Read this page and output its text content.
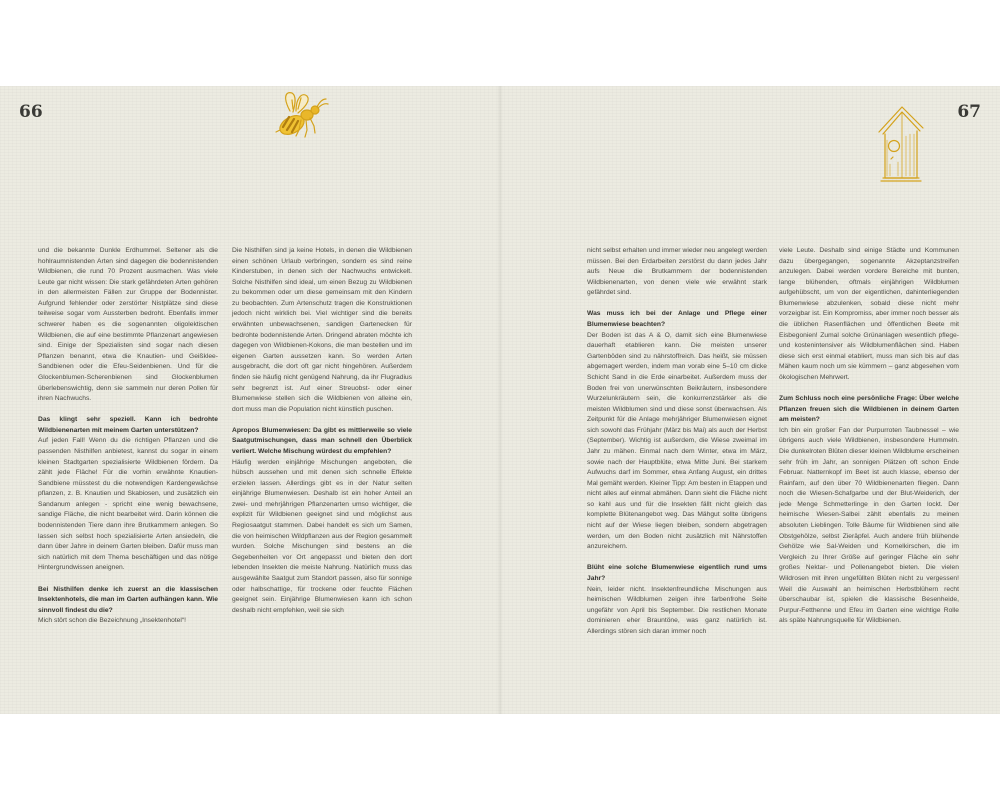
66	67

und die bekannte Dunkle Erdhummel. Seltener als die hohlraumnistenden Arten sind dagegen die bodennistenden Wildbienen, die rund 70 Prozent ausmachen. Was viele Leute gar nicht wissen: Die stark gefährdeten Arten gehören in den allermeisten Fällen zur Gruppe der Bodennister. Aufgrund fehlender oder zerstörter Nistplätze sind diese teilweise sogar vom Aussterben bedroht. Ebenfalls immer schwerer haben es die sogenannten oligolektischen Wildbienen, die auf eine bestimmte Pflanzenart angewiesen sind. Einige der Spezialisten sind sogar nach diesen Pflanzen benannt, etwa die Knautien- und Geißklee-Sandbienen oder die Efeu-Seidenbienen. Und für die Glockenblumen-Scherenbienen sind Glockenblumen überlebenswichtig, denn sie sammeln nur deren Pollen für ihren Nachwuchs.

Das klingt sehr speziell. Kann ich bedrohte Wildbienenarten mit meinem Garten unterstützen?

Auf jeden Fall! Wenn du die richtigen Pflanzen und die passenden Nisthilfen anbietest, kannst du sogar in einem kleinen Stadtgarten spezialisierte Wildbienen fördern. Da zählt jede Fläche! Für die vorhin erwähnte Knautien-Sandbiene müsstest du die notwendigen Kardengewächse pflanzen, z. B. Knautien und Skabiosen, und zusätzlich ein Sandanum anlegen - spricht eine wenig bewachsene, sandige Fläche, die nicht bearbeitet wird. Darin können die bodennistenden Tiere dann ihre Brutkammern anlegen. So lassen sich selbst hoch spezialisierte Arten ansiedeln, die dann über Jahre in deinem Garten bleiben. Dafür muss man sich natürlich mit dem Thema beschäftigen und das nötige Hintergrundwissen aneignen.

Bei Nisthilfen denke ich zuerst an die klassischen Insektenhotels, die man im Garten aufhängen kann. Wie sinnvoll findest du die?

Mich stört schon die Bezeichnung „Insektenhotel“!

Die Nisthilfen sind ja keine Hotels, in denen die Wildbienen einen schönen Urlaub verbringen, sondern es sind reine Kinderstuben, in denen sich der Nachwuchs entwickelt. Solche Nisthilfen sind ideal, um einen Bezug zu Wildbienen zu bekommen oder um diese gemeinsam mit den Kindern zu beobachten. Zum Artenschutz tragen die Konstruktionen jedoch nicht wirklich bei. Viel wichtiger sind die bereits erwähnten unbewachsenen, sandigen Gartenecken für bedrohte bodennistende Arten. Dringend abraten möchte ich dagegen von Wildbienen-Kokons, die man bestellen und im eigenen Garten aussetzen kann. So werden Arten ausgebracht, die dort oft gar nicht hingehören. Außerdem finden sie häufig nicht genügend Nahrung, da ihr Flugradius sehr begrenzt ist. Auf einer Streuobst- oder einer Blumenwiese stellen sich die Wildbienen von alleine ein, dort muss man die Population nicht künstlich puschen.

Apropos Blumenwiesen: Da gibt es mittlerweile so viele Saatgutmischungen, dass man schnell den Überblick verliert. Welche Mischung würdest du empfehlen?

Häufig werden einjährige Mischungen angeboten, die hübsch aussehen und mit denen sich schnelle Effekte erzielen lassen. Allerdings gibt es in der Natur selten einjährige Blumenwiesen. Deshalb ist ein hoher Anteil an zwei- und mehrjährigen Pflanzenarten umso wichtiger, die explizit für Wildbienen geeignet sind und möglichst aus Regiosaatgut stammen. Dabei handelt es sich um Samen, die von heimischen Wildpflanzen aus der Region gesammelt wurden. Solche Mischungen sind bestens an die Gegebenheiten vor Ort angepasst und bieten den dort lebenden Insekten die meiste Nahrung. Natürlich muss das ausgewählte Saatgut zum Standort passen, also für sonnige oder halbschattige, für trockene oder feuchte Flächen geeignet sein. Einjährige Blumenwiesen kann ich schon deshalb nicht empfehlen, weil sie sich

nicht selbst erhalten und immer wieder neu angelegt werden müssen. Bei den Erdarbeiten zerstörst du dann jedes Jahr aufs Neue die Brutkammern der bodennistenden Wildbienenarten, von denen viele wie erwähnt stark gefährdet sind.

Was muss ich bei der Anlage und Pflege einer Blumenwiese beachten?

Der Boden ist das A & O, damit sich eine Blumenwiese dauerhaft etablieren kann. Die meisten unserer Gartenböden sind zu nährstoffreich. Das heißt, sie müssen abgemagert werden, indem man vorab eine 5–10 cm dicke Schicht Sand in die Erde einarbeitet. Außerdem muss der Boden frei von unerwünschten Beikräutern, insbesondere Wurzelunkräutern sein, die konkurrenzstärker als die meisten Wildblumen sind und diese sonst überwachsen. Als Zeitpunkt für die Anlage mehrjähriger Blumenwiesen eignet sich sowohl das Frühjahr (März bis Mai) als auch der Herbst (September). Wichtig ist außerdem, die Wiese zweimal im Jahr zu mähen. Einmal nach dem Winter, etwa im März, sowie nach der Hauptblüte, etwa Mitte Juni. Bei starkem Aufwuchs darf im Sommer, etwa Anfang August, ein drittes Mal gemäht werden. Kleiner Tipp: Am besten in Etappen und nicht alles auf einmal abmähen. Dann sieht die Fläche nicht so kahl aus und für die Insekten fällt nicht gleich das komplette Blütenangebot weg. Das Mähgut sollte übrigens nicht auf der Wiese liegen bleiben, sondern abgetragen werden, um den Boden nicht zusätzlich mit Nährstoffen anzureichern.

Blüht eine solche Blumenwiese eigentlich rund ums Jahr?

Nein, leider nicht. Insektenfreundliche Mischungen aus heimischen Wildblumen zeigen ihre farbenfrohe Seite ungefähr von April bis September. Die restlichen Monate dominieren eher Brauntöne, was ganz natürlich ist. Allerdings stören sich daran immer noch

viele Leute. Deshalb sind einige Städte und Kommunen dazu übergegangen, sogenannte Akzeptanzstreifen anzulegen. Dabei werden vordere Bereiche mit bunten, lange blühenden, oftmals einjährigen Wildblumen aufgehübscht, um von der eigentlichen, dahinterliegenden Blumenwiese abzulenken, sobald diese nicht mehr vorzeigbar ist. Ein Kompromiss, aber immer noch besser als die üblichen Rasenflächen und öffentlichen Beete mit Eisbegonien! Zumal solche Grünanlagen wesentlich pflege- und kostenintensiver als Wildblumenflächen sind. Haben diese sich erst einmal etabliert, muss man sich bis auf das Mähen kaum noch um sie kümmern – ganz abgesehen vom ökologischen Mehrwert.

Zum Schluss noch eine persönliche Frage: Über welche Pflanzen freuen sich die Wildbienen in deinem Garten am meisten?

Ich bin ein großer Fan der Purpurroten Taubnessel – wie übrigens auch viele Wildbienen, insbesondere Hummeln. Die dunkelroten Blüten dieser kleinen Wildblume erscheinen sehr früh im Jahr, an sonnigen Plätzen oft schon Ende Februar. Natternkopf im Beet ist auch klasse, ebenso der Rainfarn, auf den über 70 Wildbienenarten fliegen. Dann noch die Wiesen-Schafgarbe und der Blut-Weiderich, der jede Menge Schmetterlinge in den Garten lockt. Der heimische Wiesen-Salbei zählt ebenfalls zu meinen absoluten Lieblingen. Tolle Bäume für Wildbienen sind alle Obstgehölze, selbst Zieräpfel. Auch andere früh blühende Gehölze wie Sal-Weiden und Kornelkirschen, die im Vergleich zu Ihrer Größe auf geringer Fläche ein sehr großes Nektar- und Pollenangebot bieten. Die vielen Wildrosen mit ihren ungefüllten Blüten nicht zu vergessen! Weil die Auswahl an heimischen Herbstblühern recht überschaubar ist, spielen die klassische Besenheide, Purpur-Fetthenne und Efeu im Garten eine wichtige Rolle als späte Nahrungsquelle für Wildbienen.
